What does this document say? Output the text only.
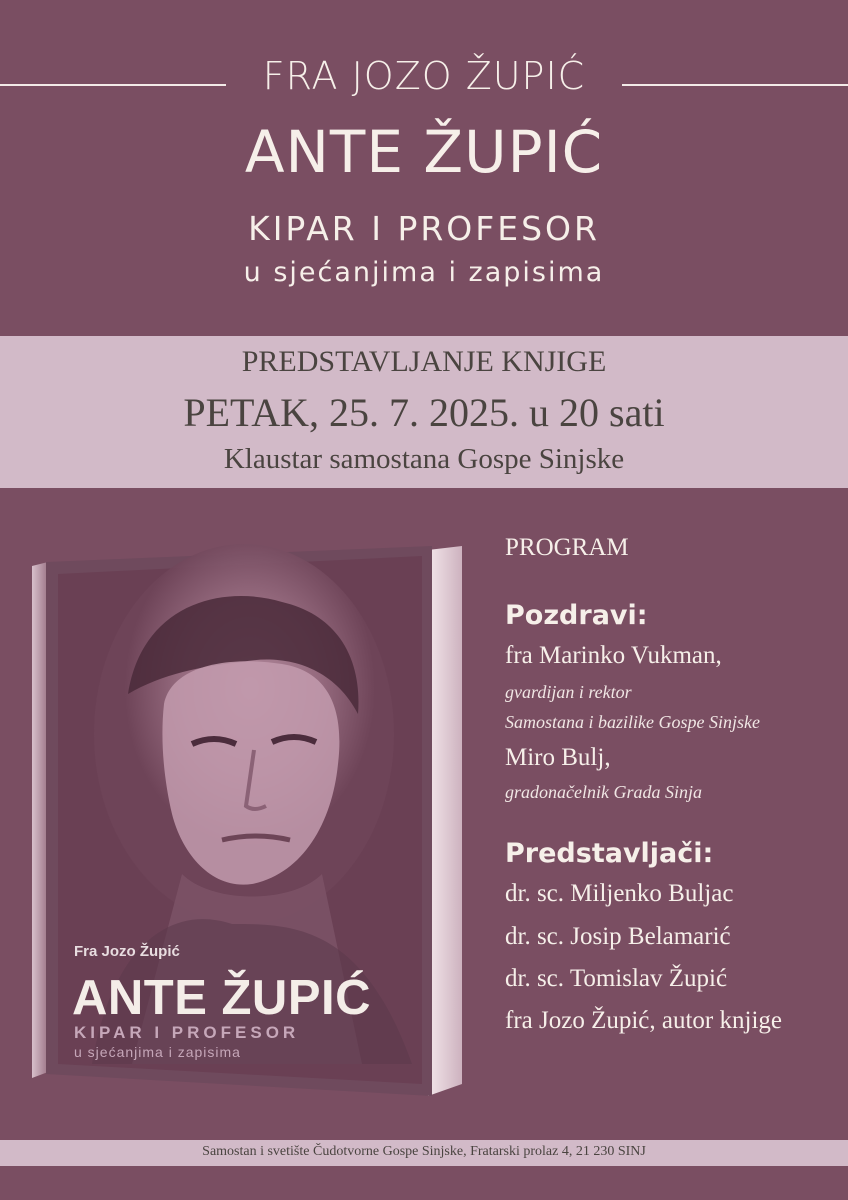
FRA JOZO ŽUPIĆ
ANTE ŽUPIĆ
KIPAR I PROFESOR
u sjećanjima i zapisima
PREDSTAVLJANJE KNJIGE
PETAK, 25. 7. 2025. u 20 sati
Klaustar samostana Gospe Sinjske
Fra Jozo Župić
ANTE ŽUPIĆ
KIPAR I PROFESOR
u sjećanjima i zapisima
PROGRAM
Pozdravi:
fra Marinko Vukman,
gvardijan i rektor
Samostana i bazilike Gospe Sinjske
Miro Bulj,
gradonačelnik Grada Sinja
Predstavljači:
dr. sc. Miljenko Buljac
dr. sc. Josip Belamarić
dr. sc. Tomislav Župić
fra Jozo Župić, autor knjige
Samostan i svetište Čudotvorne Gospe Sinjske, Fratarski prolaz 4, 21 230 SINJ
